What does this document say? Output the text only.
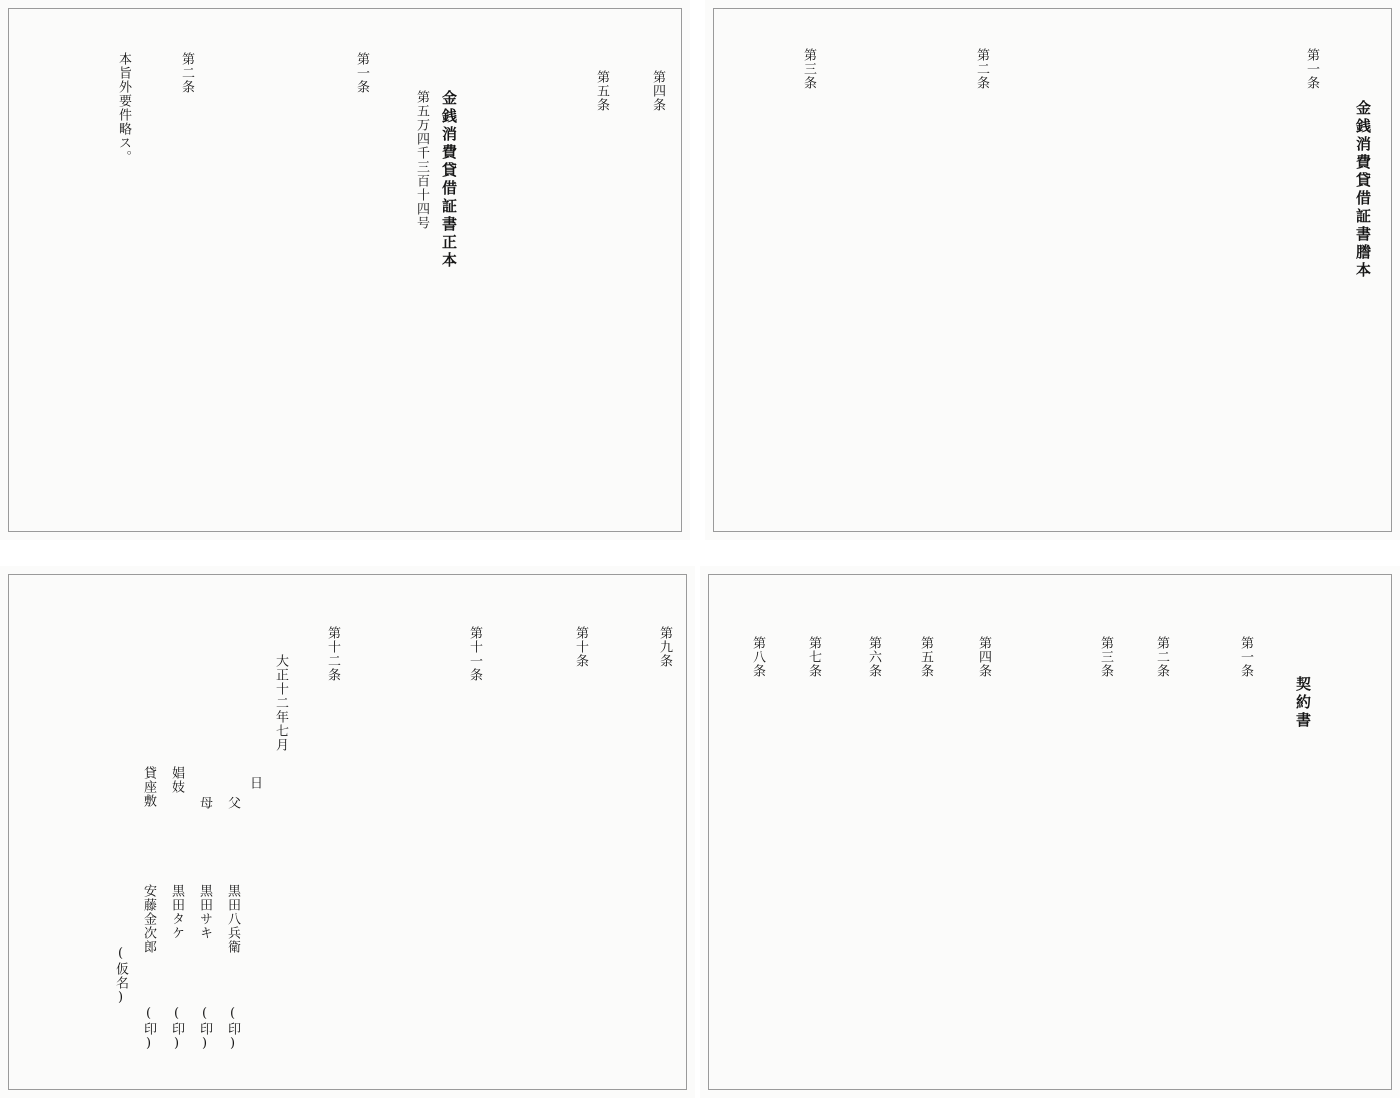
金銭消費貸借証書謄本
第一条
第二条
第三条
第四条
第五条
金銭消費貸借証書正本
第五万四千三百十四号
第一条
第二条
本旨外要件略ス。
契約書
第一条
第二条
第三条
第四条
第五条
第六条
第七条
第八条
第九条
第十条
第十一条
第十二条
大正十二年七月
日
父
黒田八兵衛
(印)
母
黒田サキ
(印)
娼妓
黒田タケ
(印)
貸座敷
安藤金次郎
(印)
(仮名)
